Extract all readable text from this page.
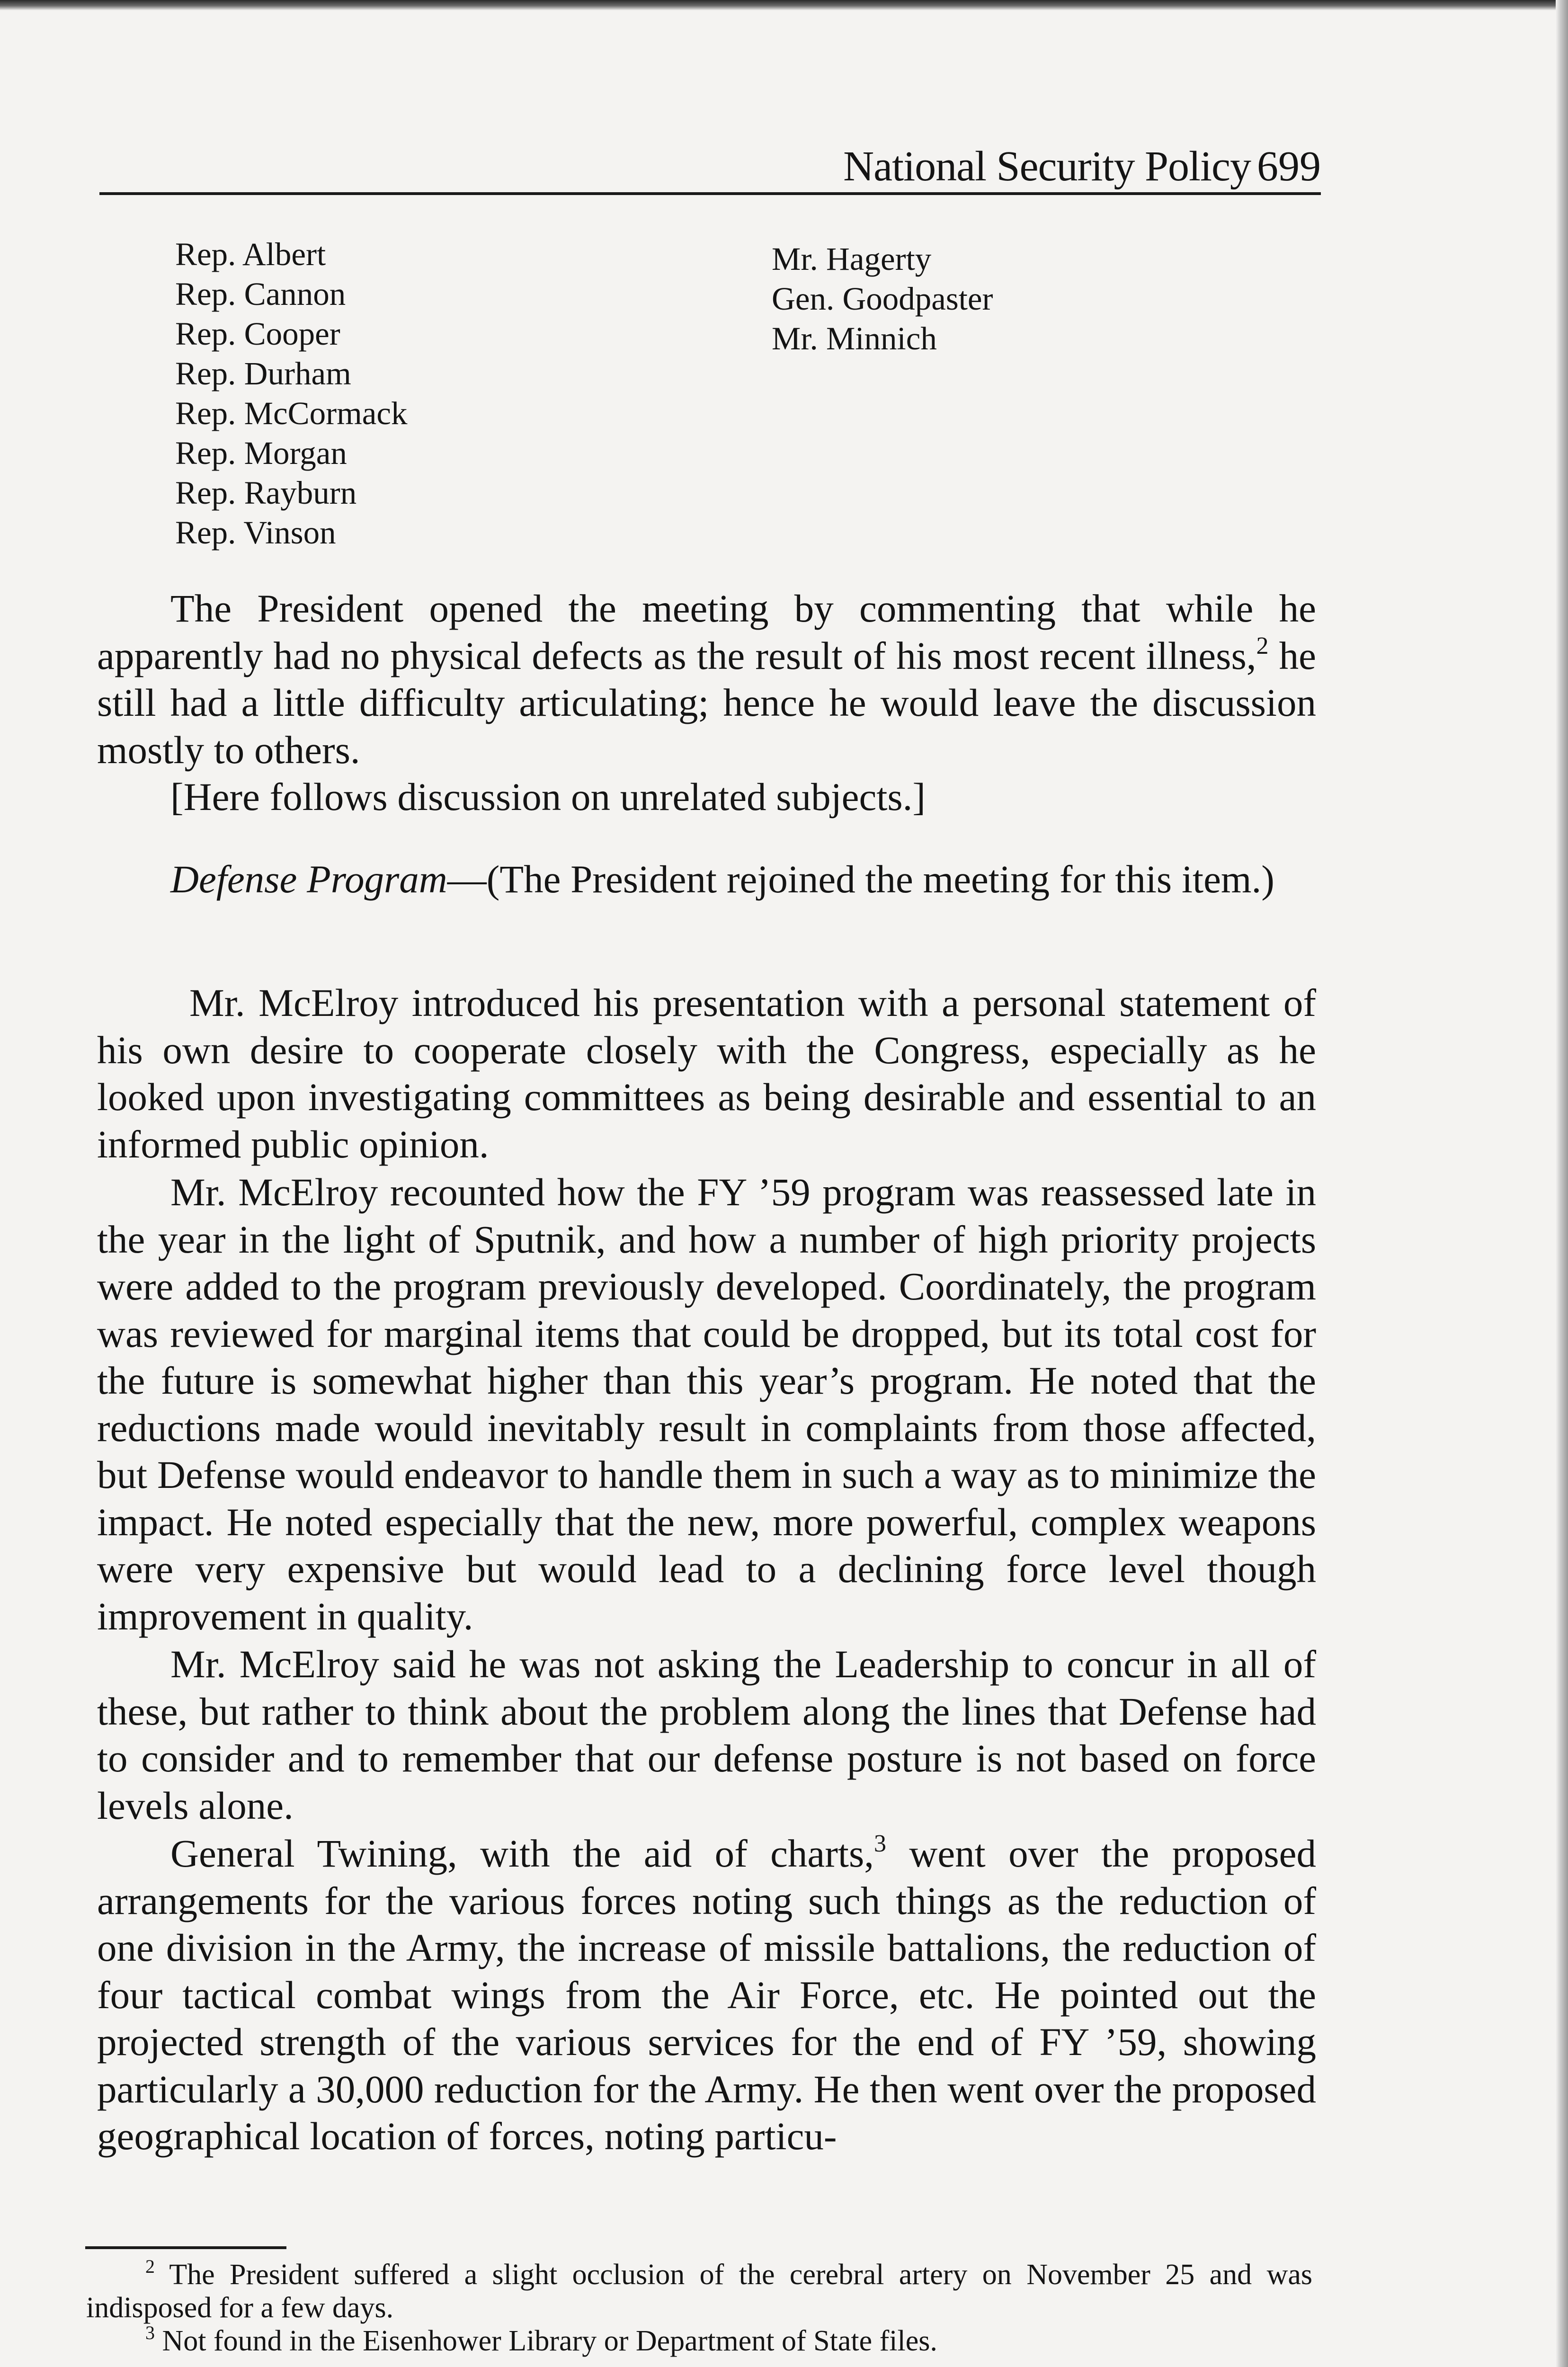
National Security Policy 699
Rep. Albert
Rep. Cannon
Rep. Cooper
Rep. Durham
Rep. McCormack
Rep. Morgan
Rep. Rayburn
Rep. Vinson
Mr. Hagerty
Gen. Goodpaster
Mr. Minnich

The President opened the meeting by commenting that while he apparently had no physical defects as the result of his most recent illness,$^2$ he still had a little difficulty articulating; hence he would leave the discussion mostly to others.

[Here follows discussion on unrelated subjects.]

Defense Program—(The President rejoined the meeting for this item.)

Mr. McElroy introduced his presentation with a personal statement of his own desire to cooperate closely with the Congress, especially as he looked upon investigating committees as being desirable and essential to an informed public opinion.

Mr. McElroy recounted how the FY ’59 program was reassessed late in the year in the light of Sputnik, and how a number of high priority projects were added to the program previously developed. Coordinately, the program was reviewed for marginal items that could be dropped, but its total cost for the future is somewhat higher than this year’s program. He noted that the reductions made would inevitably result in complaints from those affected, but Defense would endeavor to handle them in such a way as to minimize the impact. He noted especially that the new, more powerful, complex weapons were very expensive but would lead to a declining force level though improvement in quality.

Mr. McElroy said he was not asking the Leadership to concur in all of these, but rather to think about the problem along the lines that Defense had to consider and to remember that our defense posture is not based on force levels alone.

General Twining, with the aid of charts,$^3$ went over the proposed arrangements for the various forces noting such things as the reduction of one division in the Army, the increase of missile battalions, the reduction of four tactical combat wings from the Air Force, etc. He pointed out the projected strength of the various services for the end of FY ’59, showing particularly a 30,000 reduction for the Army. He then went over the proposed geographical location of forces, noting particu-

$^2$ The President suffered a slight occlusion of the cerebral artery on November 25 and was indisposed for a few days.

$^3$ Not found in the Eisenhower Library or Department of State files.
